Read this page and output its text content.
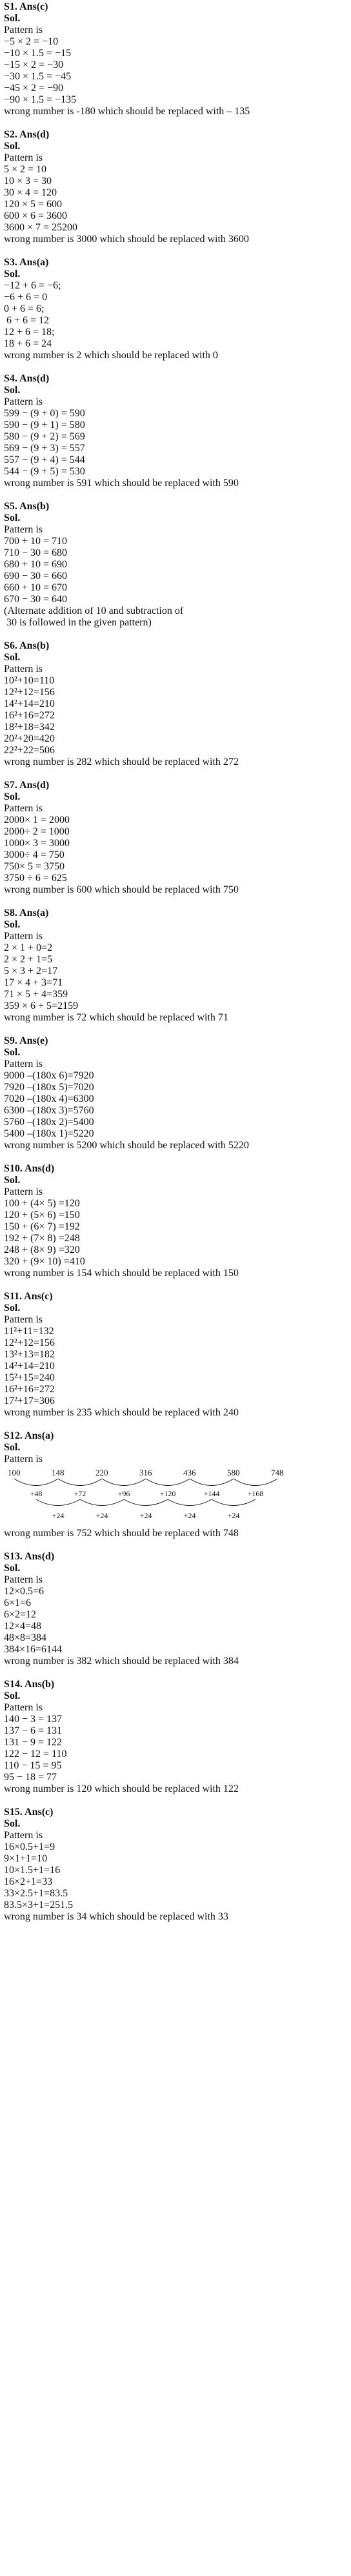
S1. Ans(c)
Sol.
Pattern is
−5 × 2 = −10
−10 × 1.5 = −15
−15 × 2 = −30
−30 × 1.5 = −45
−45 × 2 = −90
−90 × 1.5 = −135
wrong number is -180 which should be replaced with – 135
S2. Ans(d)
Sol.
Pattern is
5 × 2 = 10
10 × 3 = 30
30 × 4 = 120
120 × 5 = 600
600 × 6 = 3600
3600 × 7 = 25200
wrong number is 3000 which should be replaced with 3600
S3. Ans(a)
Sol.
−12 + 6 = −6;
−6 + 6 = 0
0 + 6 = 6;
6 + 6 = 12
12 + 6 = 18;
18 + 6 = 24
wrong number is 2 which should be replaced with 0
S4. Ans(d)
Sol.
Pattern is
599 − (9 + 0) = 590
590 − (9 + 1) = 580
580 − (9 + 2) = 569
569 − (9 + 3) = 557
557 − (9 + 4) = 544
544 − (9 + 5) = 530
wrong number is 591 which should be replaced with 590
S5. Ans(b)
Sol.
Pattern is
700 + 10 = 710
710 − 30 = 680
680 + 10 = 690
690 − 30 = 660
660 + 10 = 670
670 − 30 = 640
(Alternate addition of 10 and subtraction of
30 is followed in the given pattern)
S6. Ans(b)
Sol.
Pattern is
10²+10=110
12²+12=156
14²+14=210
16²+16=272
18²+18=342
20²+20=420
22²+22=506
wrong number is 282 which should be replaced with 272
S7. Ans(d)
Sol.
Pattern is
2000× 1 = 2000
2000÷ 2 = 1000
1000× 3 = 3000
3000÷ 4 = 750
750× 5 = 3750
3750 ÷ 6 = 625
wrong number is 600 which should be replaced with 750
S8. Ans(a)
Sol.
Pattern is
2 × 1 + 0=2
2 × 2 + 1=5
5 × 3 + 2=17
17 × 4 + 3=71
71 × 5 + 4=359
359 × 6 + 5=2159
wrong number is 72 which should be replaced with 71
S9. Ans(e)
Sol.
Pattern is
9000 –(180x 6)=7920
7920 –(180x 5)=7020
7020 –(180x 4)=6300
6300 –(180x 3)=5760
5760 –(180x 2)=5400
5400 –(180x 1)=5220
wrong number is 5200 which should be replaced with 5220
S10. Ans(d)
Sol.
Pattern is
100 + (4× 5) =120
120 + (5× 6) =150
150 + (6× 7) =192
192 + (7× 8) =248
248 + (8× 9) =320
320 + (9× 10) =410
wrong number is 154 which should be replaced with 150
S11. Ans(c)
Sol.
Pattern is
11²+11=132
12²+12=156
13²+13=182
14²+14=210
15²+15=240
16²+16=272
17²+17=306
wrong number is 235 which should be replaced with 240
S12. Ans(a)
Sol.
Pattern is
100	148	220	316	436	580	748
+48	+72	+96	+120	+144	+168
+24	+24	+24	+24	+24
wrong number is 752 which should be replaced with 748
S13. Ans(d)
Sol.
Pattern is
12×0.5=6
6×1=6
6×2=12
12×4=48
48×8=384
384×16=6144
wrong number is 382 which should be replaced with 384
S14. Ans(b)
Sol.
Pattern is
140 − 3 = 137
137 − 6 = 131
131 − 9 = 122
122 − 12 = 110
110 − 15 = 95
95 − 18 = 77
wrong number is 120 which should be replaced with 122
S15. Ans(c)
Sol.
Pattern is
16×0.5+1=9
9×1+1=10
10×1.5+1=16
16×2+1=33
33×2.5+1=83.5
83.5×3+1=251.5
wrong number is 34 which should be replaced with 33
